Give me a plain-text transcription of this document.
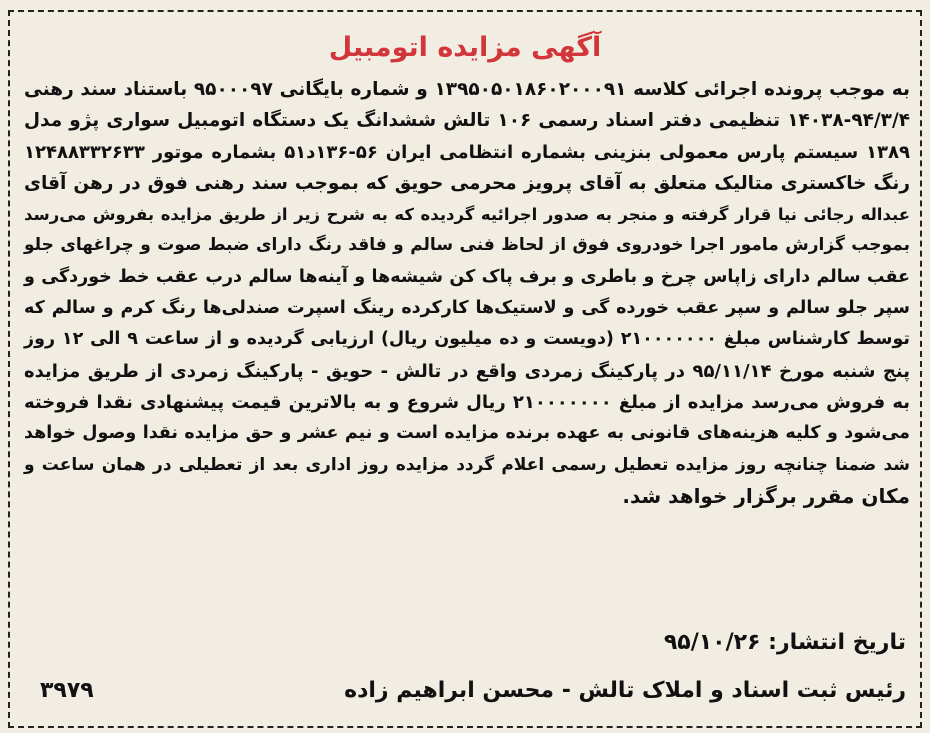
آگهی مزایده اتومبیل
به موجب پرونده اجرائی کلاسه ۱۳۹۵۰۵۰۱۸۶۰۲۰۰۰۹۱ و شماره بایگانی ۹۵۰۰۰۹۷ باستناد سند رهنی
۱۴۰۳۸-۹۴/۳/۴ تنظیمی دفتر اسناد رسمی ۱۰۶ تالش ششدانگ یک دستگاه اتومبیل سواری پژو مدل
۱۳۸۹ سیستم پارس معمولی بنزینی بشماره انتظامی ایران ۵۶-۱۳۶د۵۱ بشماره موتور ۱۲۴۸۸۳۳۲۶۳۳
رنگ خاکستری متالیک متعلق به آقای پرویز محرمی حویق که بموجب سند رهنی فوق در رهن آقای
عبداله رجائی نیا قرار گرفته و منجر به صدور اجرائیه گردیده که به شرح زیر از طریق مزایده بفروش می‌رسد
بموجب گزارش مامور اجرا خودروی فوق از لحاظ فنی سالم و فاقد رنگ دارای ضبط صوت و چراغهای جلو
عقب سالم دارای زاپاس چرخ و باطری و برف پاک کن شیشه‌ها و آینه‌ها سالم درب عقب خط خوردگی و
سپر جلو سالم و سپر عقب خورده گی و لاستیک‌ها کارکرده رینگ اسپرت صندلی‌ها رنگ کرم و سالم که
توسط کارشناس مبلغ ۲۱۰۰۰۰۰۰۰ (دویست و ده میلیون ریال) ارزیابی گردیده و از ساعت ۹ الی ۱۲ روز
پنج شنبه مورخ ۹۵/۱۱/۱۴ در پارکینگ زمردی واقع در تالش - حویق - پارکینگ زمردی از طریق مزایده
به فروش می‌رسد مزایده از مبلغ ۲۱۰۰۰۰۰۰۰ ریال شروع و به بالاترین قیمت پیشنهادی نقدا فروخته
می‌شود و کلیه هزینه‌های قانونی به عهده برنده مزایده است و نیم عشر و حق مزایده نقدا وصول خواهد
شد ضمنا چنانچه روز مزایده تعطیل رسمی اعلام گردد مزایده روز اداری بعد از تعطیلی در همان ساعت و
مکان مقرر برگزار خواهد شد.
تاریخ انتشار: ۹۵/۱۰/۲۶
رئیس ثبت اسناد و املاک تالش - محسن ابراهیم زاده
۳۹۷۹
